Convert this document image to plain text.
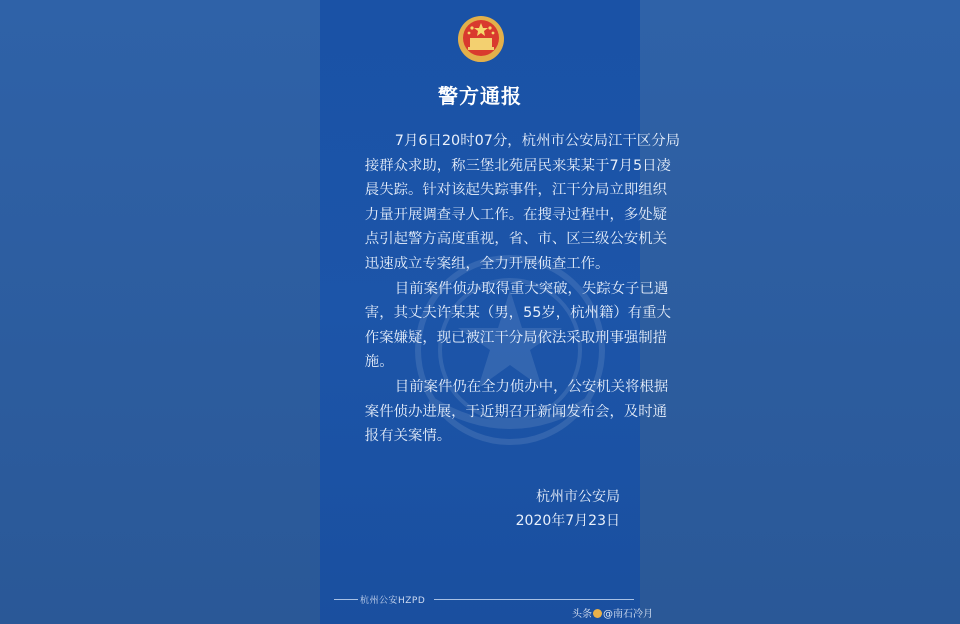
警方通报

7月6日20时07分，杭州市公安局江干区分局
接群众求助，称三堡北苑居民来某某于7月5日凌
晨失踪。针对该起失踪事件，江干分局立即组织
力量开展调查寻人工作。在搜寻过程中，多处疑
点引起警方高度重视，省、市、区三级公安机关
迅速成立专案组，全力开展侦查工作。

目前案件侦办取得重大突破，失踪女子已遇
害，其丈夫许某某（男，55岁，杭州籍）有重大
作案嫌疑，现已被江干分局依法采取刑事强制措
施。

目前案件仍在全力侦办中，公安机关将根据
案件侦办进展，于近期召开新闻发布会，及时通
报有关案情。

杭州市公安局
2020年7月23日
杭州公安HZPD
头条 @南石冷月
